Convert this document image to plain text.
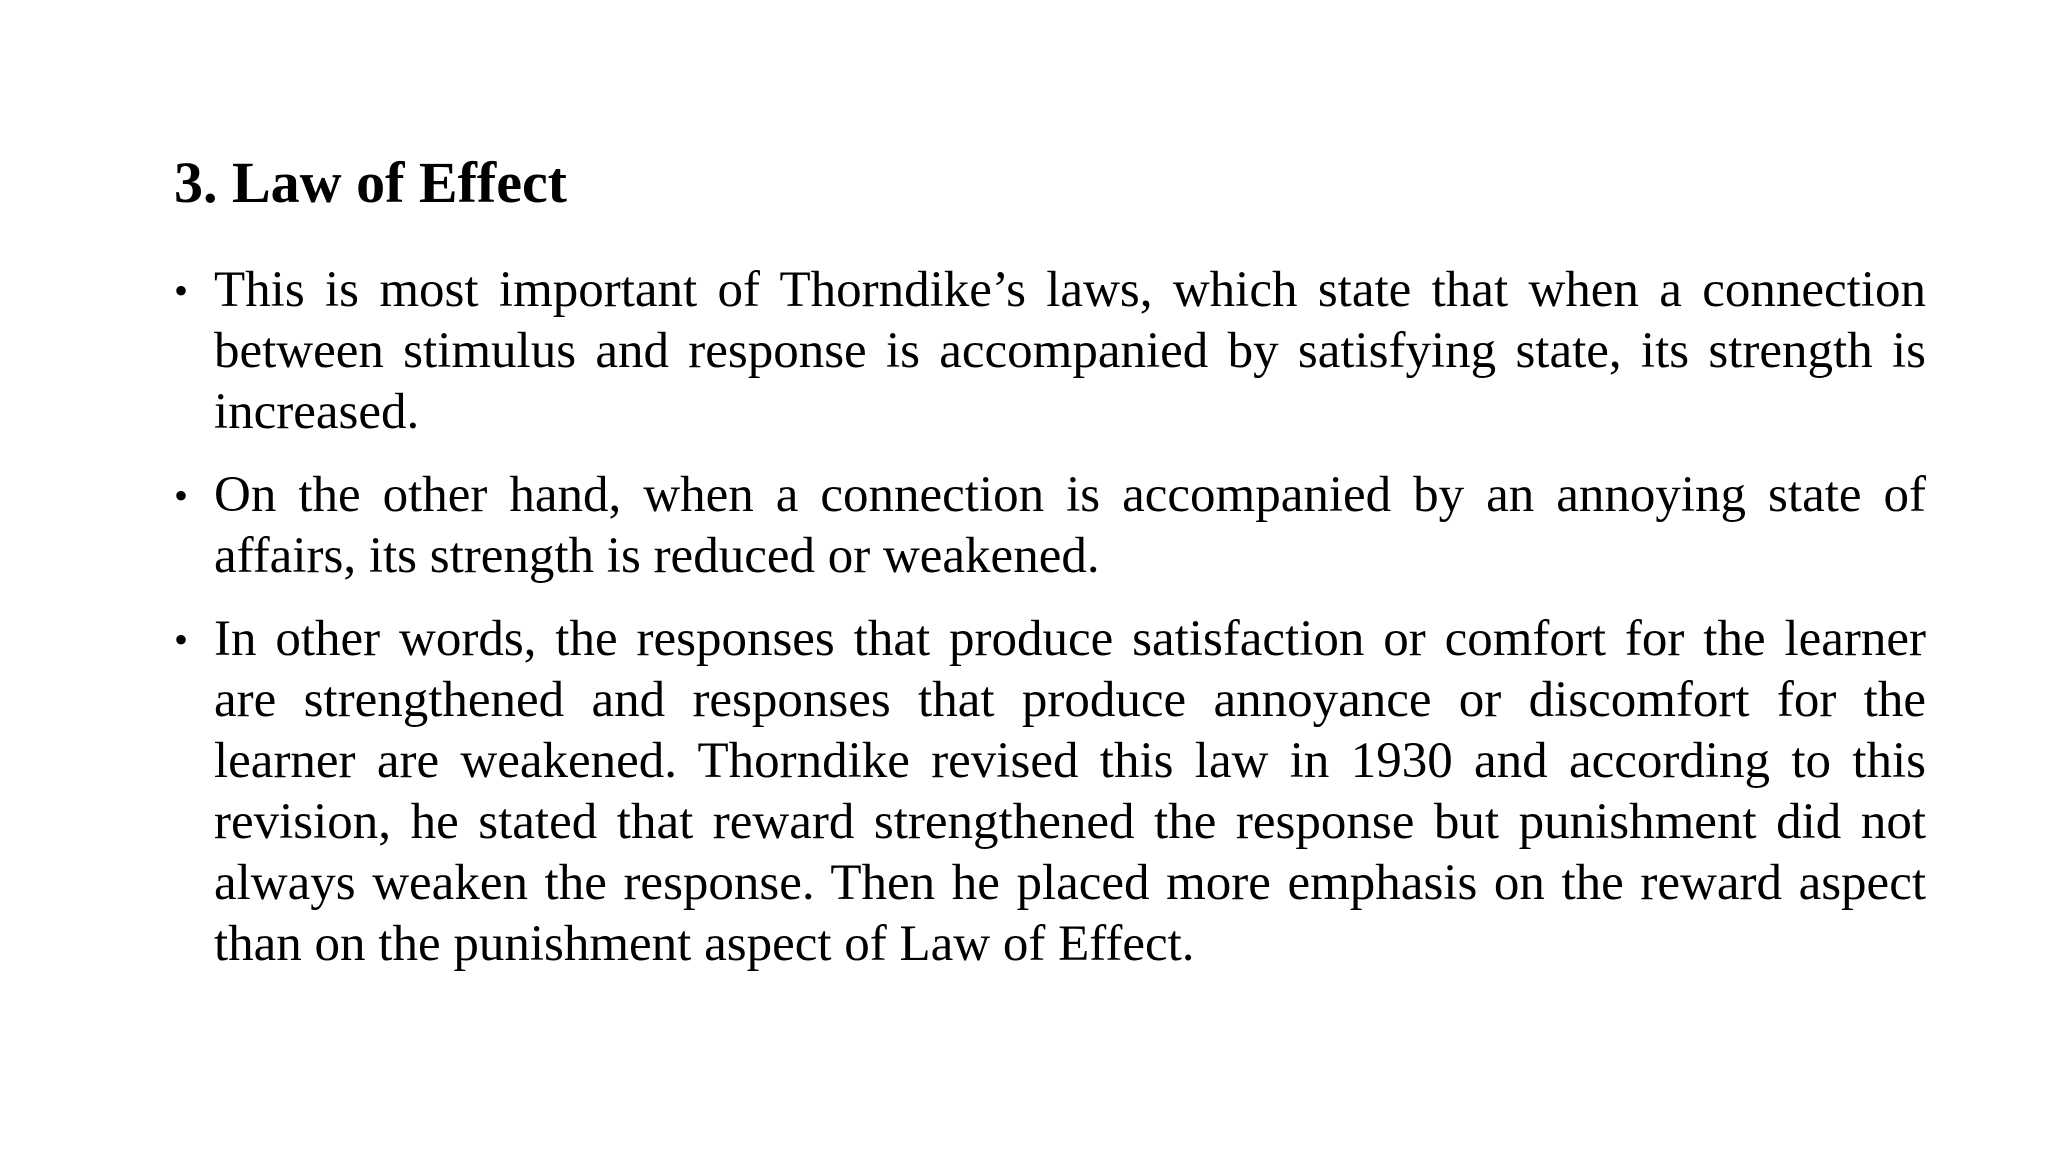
3. Law of Effect
• This is most important of Thorndike’s laws, which state that when a connection between stimulus and response is accompanied by satisfying state, its strength is increased.
• On the other hand, when a connection is accompanied by an annoying state of affairs, its strength is reduced or weakened.
• In other words, the responses that produce satisfaction or comfort for the learner are strengthened and responses that produce annoyance or discomfort for the learner are weakened. Thorndike revised this law in 1930 and according to this revision, he stated that reward strengthened the response but punishment did not always weaken the response. Then he placed more emphasis on the reward aspect than on the punishment aspect of Law of Effect.
